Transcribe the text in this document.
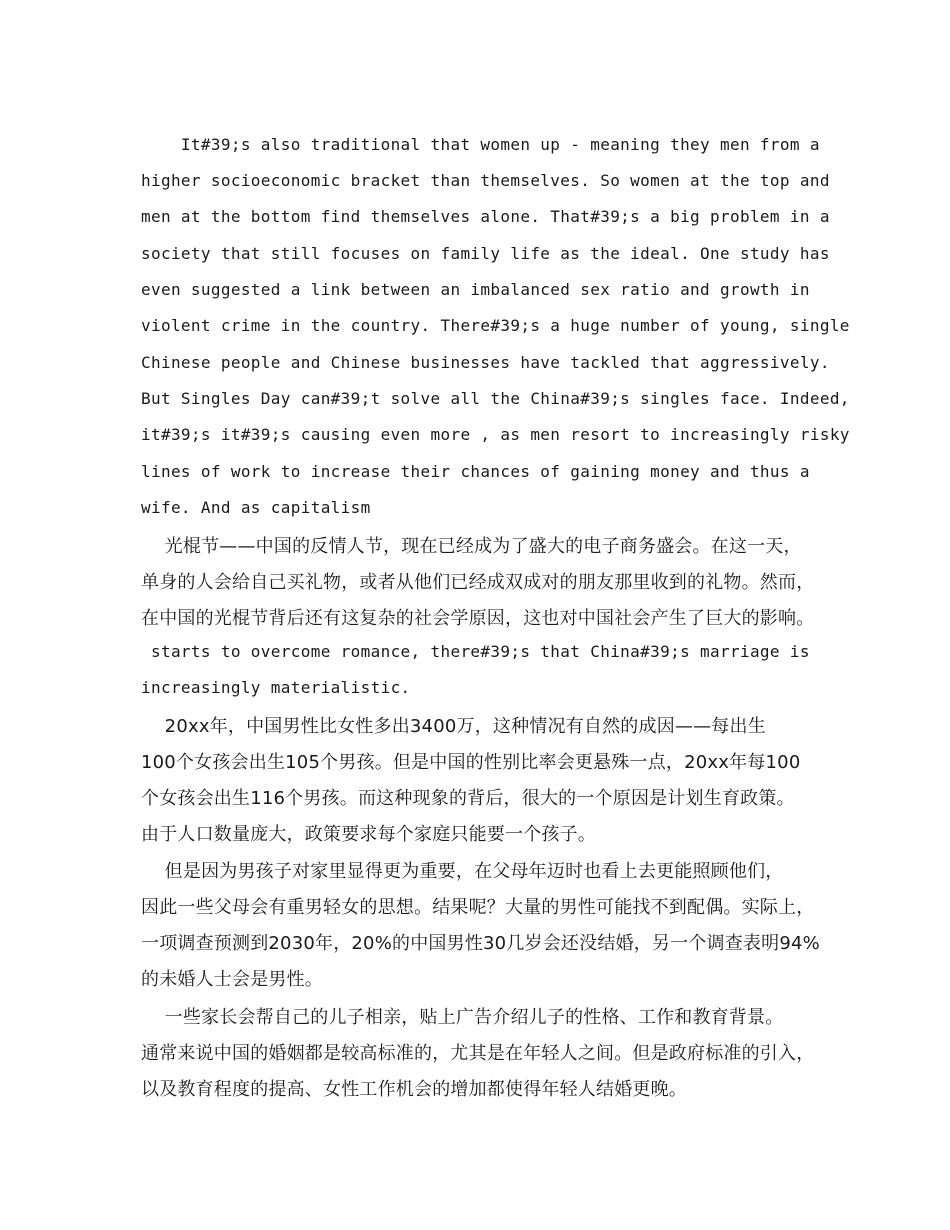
It#39;s also traditional that women up - meaning they men from a
higher socioeconomic bracket than themselves. So women at the top and
men at the bottom find themselves alone. That#39;s a big problem in a
society that still focuses on family life as the ideal. One study has
even suggested a link between an imbalanced sex ratio and growth in
violent crime in the country. There#39;s a huge number of young, single
Chinese people and Chinese businesses have tackled that aggressively.
But Singles Day can#39;t solve all the China#39;s singles face. Indeed,
it#39;s it#39;s causing even more , as men resort to increasingly risky
lines of work to increase their chances of gaining money and thus a
wife. And as capitalism
光棍节——中国的反情人节，现在已经成为了盛大的电子商务盛会。在这一天，
单身的人会给自己买礼物，或者从他们已经成双成对的朋友那里收到的礼物。然而，
在中国的光棍节背后还有这复杂的社会学原因，这也对中国社会产生了巨大的影响。
starts to overcome romance, there#39;s that China#39;s marriage is
increasingly materialistic.
20xx年，中国男性比女性多出3400万，这种情况有自然的成因——每出生
100个女孩会出生105个男孩。但是中国的性别比率会更悬殊一点，20xx年每100
个女孩会出生116个男孩。而这种现象的背后，很大的一个原因是计划生育政策。
由于人口数量庞大，政策要求每个家庭只能要一个孩子。
但是因为男孩子对家里显得更为重要，在父母年迈时也看上去更能照顾他们，
因此一些父母会有重男轻女的思想。结果呢？大量的男性可能找不到配偶。实际上，
一项调查预测到2030年，20%的中国男性30几岁会还没结婚，另一个调查表明94%
的未婚人士会是男性。
一些家长会帮自己的儿子相亲，贴上广告介绍儿子的性格、工作和教育背景。
通常来说中国的婚姻都是较高标准的，尤其是在年轻人之间。但是政府标准的引入，
以及教育程度的提高、女性工作机会的增加都使得年轻人结婚更晚。
